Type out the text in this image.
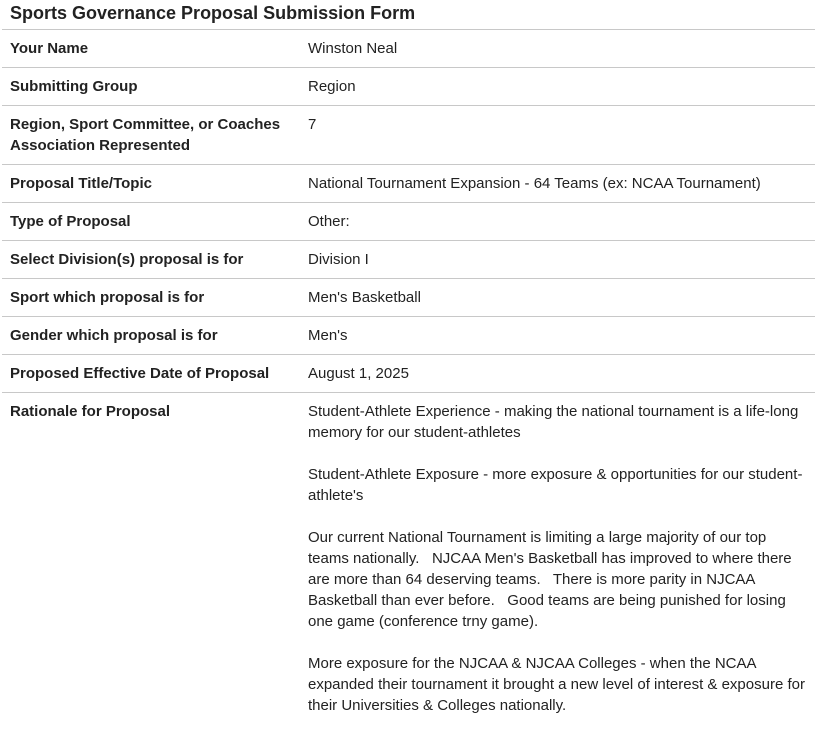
Sports Governance Proposal Submission Form
Your Name	Winston Neal
Submitting Group	Region
Region, Sport Committee, or Coaches Association Represented	7
Proposal Title/Topic	National Tournament Expansion - 64 Teams (ex: NCAA Tournament)
Type of Proposal	Other:
Select Division(s) proposal is for	Division I
Sport which proposal is for	Men's Basketball
Gender which proposal is for	Men's
Proposed Effective Date of Proposal	August 1, 2025
Rationale for Proposal	Student-Athlete Experience - making the national tournament is a life-long memory for our student-athletes

Student-Athlete Exposure - more exposure & opportunities for our student-athlete's

Our current National Tournament is limiting a large majority of our top teams nationally.   NJCAA Men's Basketball has improved to where there are more than 64 deserving teams.   There is more parity in NJCAA Basketball than ever before.   Good teams are being punished for losing one game (conference trny game).

More exposure for the NJCAA & NJCAA Colleges - when the NCAA expanded their tournament it brought a new level of interest & exposure for their Universities & Colleges nationally.
